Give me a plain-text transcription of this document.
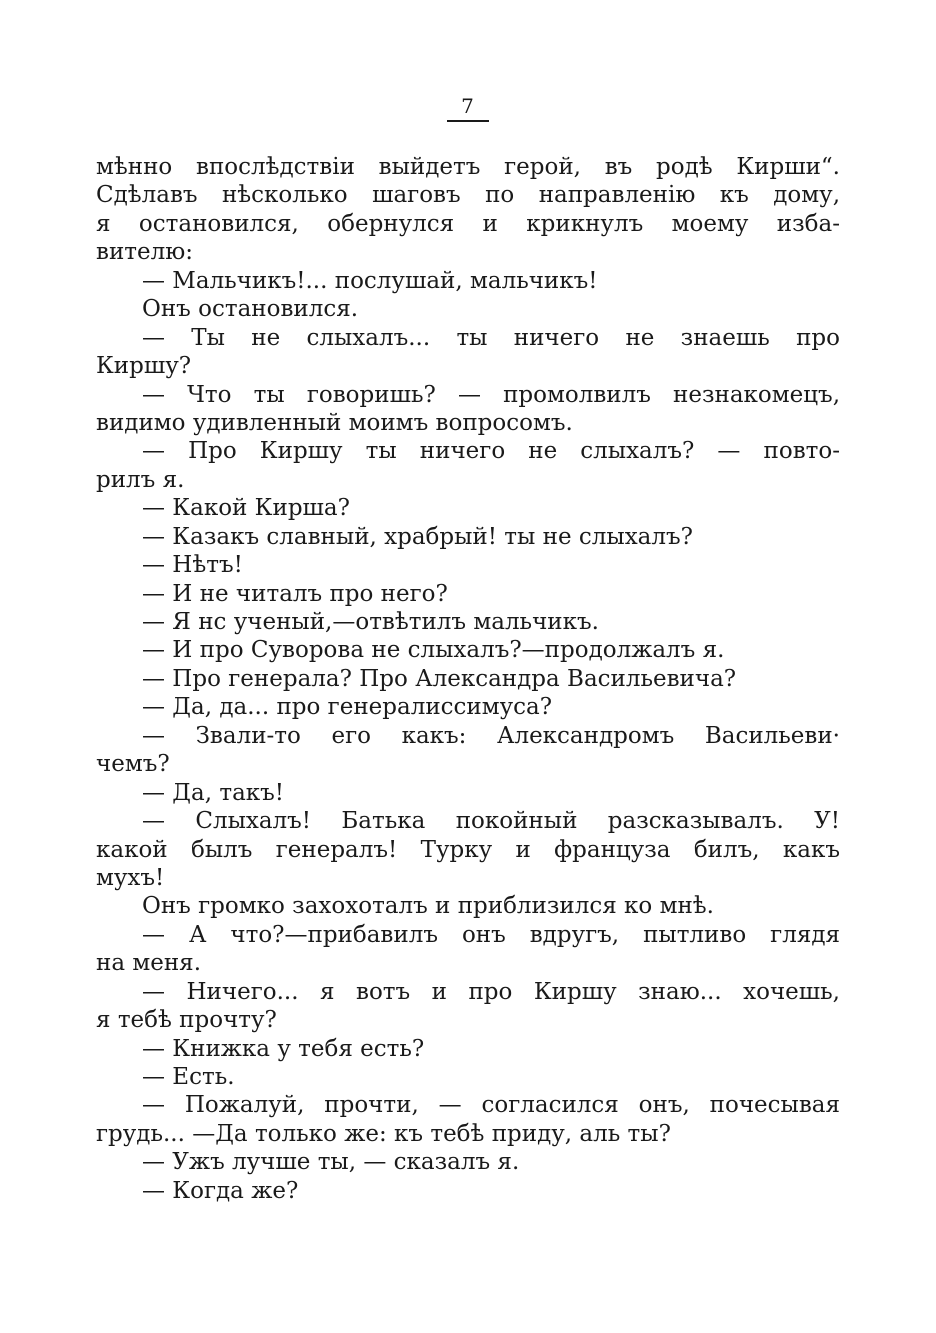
7
мѣнно впослѣдствіи выйдетъ герой, въ родѣ Кирши“.
Сдѣлавъ нѣсколько шаговъ по направленію къ дому,
я остановился, обернулся и крикнулъ моему изба-
вителю:
— Мальчикъ!... послушай, мальчикъ!
Онъ остановился.
— Ты не слыхалъ... ты ничего не знаешь про
Киршу?
— Что ты говоришь? — промолвилъ незнакомецъ,
видимо удивленный моимъ вопросомъ.
— Про Киршу ты ничего не слыхалъ? — повто-
рилъ я.
— Какой Кирша?
— Казакъ славный, храбрый! ты не слыхалъ?
— Нѣтъ!
— И не читалъ про него?
— Я нс ученый,—отвѣтилъ мальчикъ.
— И про Суворова не слыхалъ?—продолжалъ я.
— Про генерала? Про Александра Васильевича?
— Да, да... про генералиссимуса?
— Звали-то его какъ: Александромъ Васильеви·
чемъ?
— Да, такъ!
— Слыхалъ! Батька покойный разсказывалъ. У!
какой былъ генералъ! Турку и француза билъ, какъ
мухъ!
Онъ громко захохоталъ и приблизился ко мнѣ.
— А что?—прибавилъ онъ вдругъ, пытливо глядя
на меня.
— Ничего... я вотъ и про Киршу знаю... хочешь,
я тебѣ прочту?
— Книжка у тебя есть?
— Есть.
— Пожалуй, прочти, — согласился онъ, почесывая
грудь... —Да только же: къ тебѣ приду, аль ты?
— Ужъ лучше ты, — сказалъ я.
— Когда же?
